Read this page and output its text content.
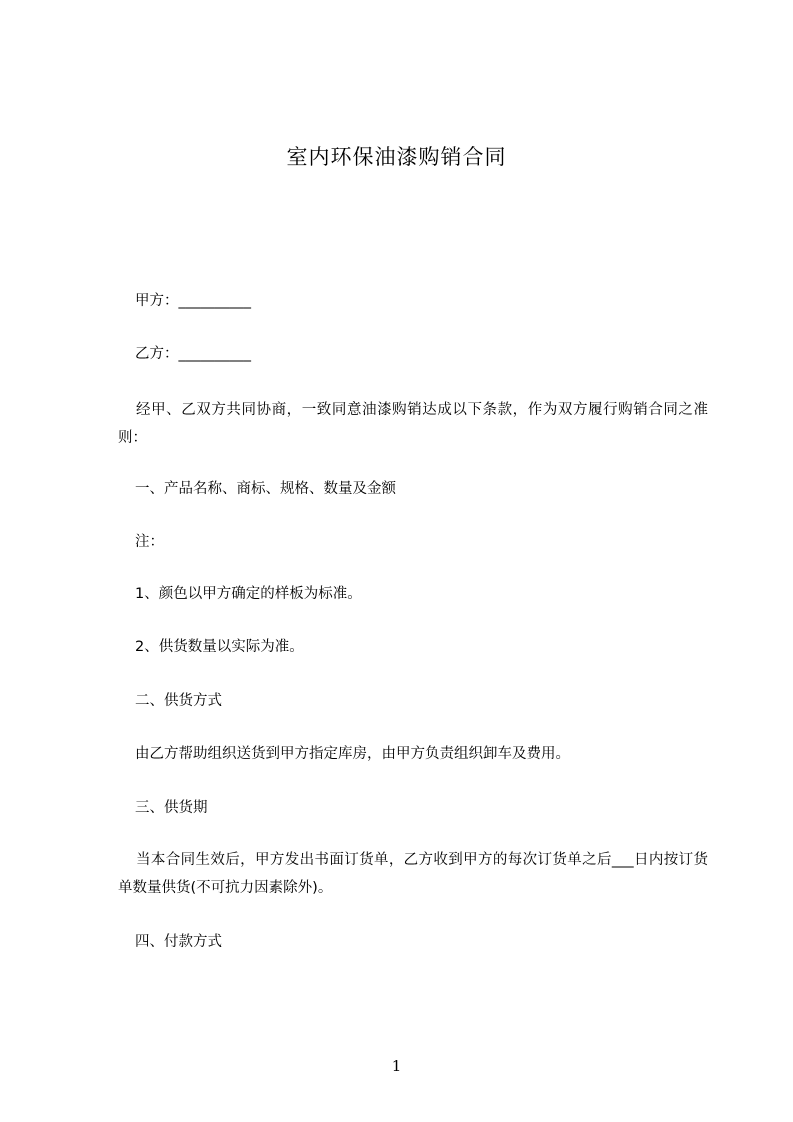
室内环保油漆购销合同
甲方：__________
乙方：__________
经甲、乙双方共同协商，一致同意油漆购销达成以下条款，作为双方履行购销合同之准则：
一、产品名称、商标、规格、数量及金额
注：
1、颜色以甲方确定的样板为标准。
2、供货数量以实际为准。
二、供货方式
由乙方帮助组织送货到甲方指定库房，由甲方负责组织卸车及费用。
三、供货期
当本合同生效后，甲方发出书面订货单，乙方收到甲方的每次订货单之后___日内按订货单数量供货(不可抗力因素除外)。
四、付款方式
1
